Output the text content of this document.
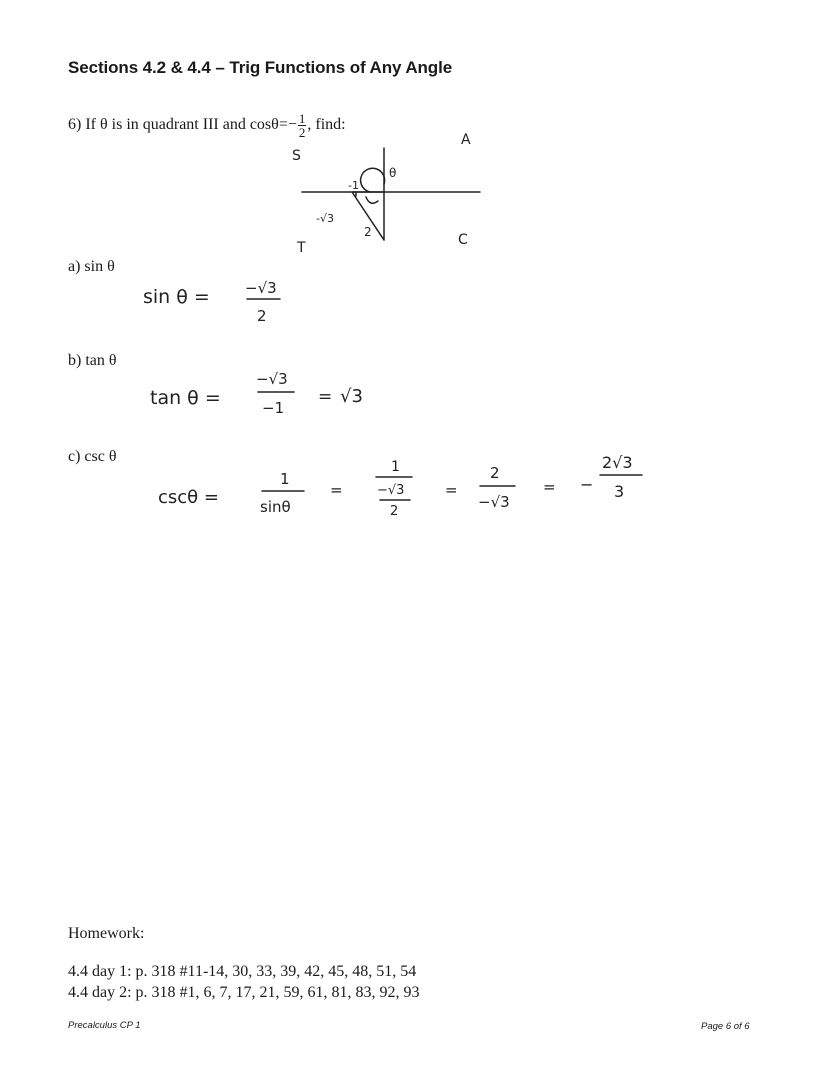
Sections 4.2 & 4.4 – Trig Functions of Any Angle
6) If θ is in quadrant III and $\cos\theta=- \frac{1}{2}$ , find:
a) sin θ
b) tan θ
c) csc θ
Homework:
4.4 day 1: p. 318 #11-14, 30, 33, 39, 42, 45, 48, 51, 54
4.4 day 2: p. 318 #1, 6, 7, 17, 21, 59, 61, 81, 83, 92, 93
Precalculus CP 1	Page 6 of 6
S
A
T	C
θ
-1
-√3
2
sin θ = −√3
2
tan θ =
−√3
−1
= √3
cscθ =
1
sinθ
=
1
−√3
2
=
2
−√3
= −
2√3
3
